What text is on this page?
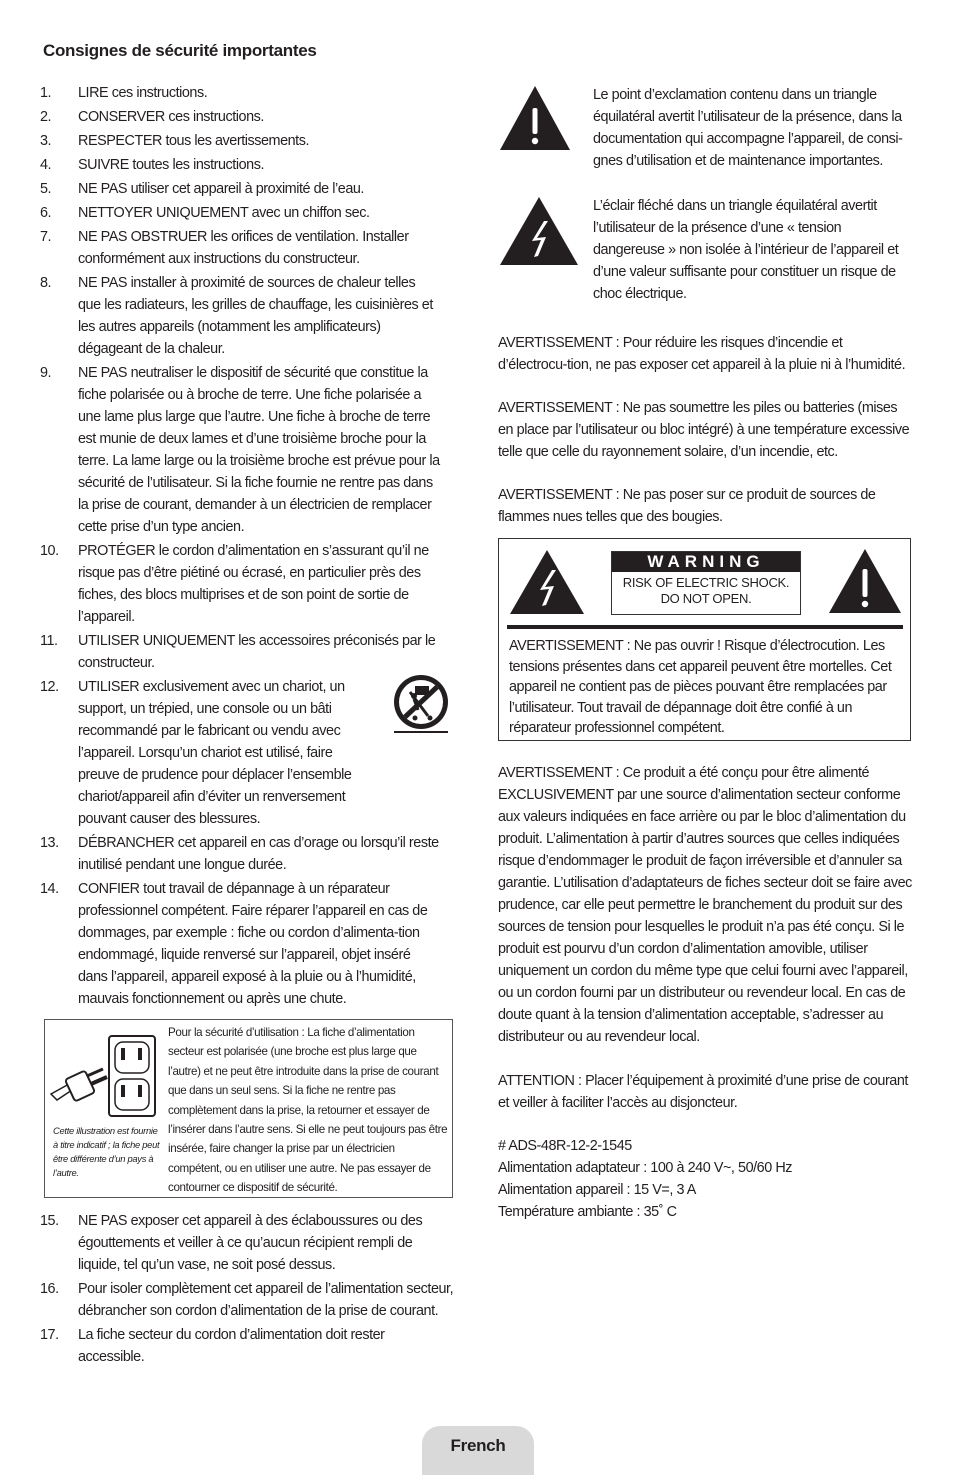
Consignes de sécurité importantes
1.	LIRE ces instructions.
2.	CONSERVER ces instructions.
3.	RESPECTER tous les avertissements.
4.	SUIVRE toutes les instructions.
5.	NE PAS utiliser cet appareil à proximité de l’eau.
6.	NETTOYER UNIQUEMENT avec un chiffon sec.
7.	NE PAS OBSTRUER les orifices de ventilation. Installer conformément aux instructions du constructeur.
8.	NE PAS installer à proximité de sources de chaleur telles que les radiateurs, les grilles de chauffage, les cuisinières et les autres appareils (notamment les amplificateurs) dégageant de la chaleur.
9.	NE PAS neutraliser le dispositif de sécurité que constitue la fiche polarisée ou à broche de terre. Une fiche polarisée a une lame plus large que l’autre. Une fiche à broche de terre est munie de deux lames et d’une troisième broche pour la terre. La lame large ou la troisième broche est prévue pour la sécurité de l’utilisateur. Si la fiche fournie ne rentre pas dans la prise de courant, demander à un électricien de remplacer cette prise d’un type ancien.
10.	PROTÉGER le cordon d’alimentation en s’assurant qu’il ne risque pas d’être piétiné ou écrasé, en particulier près des fiches, des blocs multiprises et de son point de sortie de l’appareil.
11.	UTILISER UNIQUEMENT les accessoires préconisés par le constructeur.
12.	UTILISER exclusivement avec un chariot, un support, un trépied, une console ou un bâti recommandé par le fabricant ou vendu avec l’appareil. Lorsqu’un chariot est utilisé, faire preuve de prudence pour déplacer l’ensemble chariot/appareil afin d’éviter un renversement pouvant causer des blessures.
13.	DÉBRANCHER cet appareil en cas d’orage ou lorsqu’il reste inutilisé pendant une longue durée.
14.	CONFIER tout travail de dépannage à un réparateur professionnel compétent. Faire réparer l’appareil en cas de dommages, par exemple : fiche ou cordon d’alimenta-tion endommagé, liquide renversé sur l’appareil, objet inséré dans l’appareil, appareil exposé à la pluie ou à l’humidité, mauvais fonctionnement ou après une chute.
Cette illustration est fournie à titre indicatif ; la fiche peut être différente d’un pays à l’autre.
Pour la sécurité d’utilisation : La fiche d’alimentation secteur est polarisée (une broche est plus large que l’autre) et ne peut être introduite dans la prise de courant que dans un seul sens. Si la fiche ne rentre pas complètement dans la prise, la retourner et essayer de l’insérer dans l’autre sens. Si elle ne peut toujours pas être insérée, faire changer la prise par un électricien compétent, ou en utiliser une autre. Ne pas essayer de contourner ce dispositif de sécurité.
15.	NE PAS exposer cet appareil à des éclaboussures ou des égouttements et veiller à ce qu’aucun récipient rempli de liquide, tel qu’un vase, ne soit posé dessus.
16.	Pour isoler complètement cet appareil de l’alimentation secteur, débrancher son cordon d’alimentation de la prise de courant.
17.	La fiche secteur du cordon d’alimentation doit rester accessible.
Le point d’exclamation contenu dans un triangle équilatéral avertit l’utilisateur de la présence, dans la documentation qui accompagne l’appareil, de consi-gnes d’utilisation et de maintenance importantes.
L’éclair fléché dans un triangle équilatéral avertit l’utilisateur de la présence d’une « tension dangereuse » non isolée à l’intérieur de l’appareil et d’une valeur suffisante pour constituer un risque de choc électrique.
AVERTISSEMENT : Pour réduire les risques d’incendie et d’électrocu-tion, ne pas exposer cet appareil à la pluie ni à l’humidité.
AVERTISSEMENT : Ne pas soumettre les piles ou batteries (mises en place par l’utilisateur ou bloc intégré) à une température excessive telle que celle du rayonnement solaire, d’un incendie, etc.
AVERTISSEMENT : Ne pas poser sur ce produit de sources de flammes nues telles que des bougies.
WARNING
RISK OF ELECTRIC SHOCK.
DO NOT OPEN.
AVERTISSEMENT : Ne pas ouvrir ! Risque d’électrocution. Les tensions présentes dans cet appareil peuvent être mortelles. Cet appareil ne contient pas de pièces pouvant être remplacées par l’utilisateur. Tout travail de dépannage doit être confié à un réparateur professionnel compétent.
AVERTISSEMENT : Ce produit a été conçu pour être alimenté EXCLUSIVEMENT par une source d’alimentation secteur conforme aux valeurs indiquées en face arrière ou par le bloc d’alimentation du produit. L’alimentation à partir d’autres sources que celles indiquées risque d’endommager le produit de façon irréversible et d’annuler sa garantie. L’utilisation d’adaptateurs de fiches secteur doit se faire avec prudence, car elle peut permettre le branchement du produit sur des sources de tension pour lesquelles le produit n’a pas été conçu. Si le produit est pourvu d’un cordon d’alimentation amovible, utiliser uniquement un cordon du même type que celui fourni avec l’appareil, ou un cordon fourni par un distributeur ou revendeur local. En cas de doute quant à la tension d’alimentation acceptable, s’adresser au distributeur ou au revendeur local.
ATTENTION : Placer l’équipement à proximité d’une prise de courant et veiller à faciliter l’accès au disjoncteur.
# ADS-48R-12-2-1545
Alimentation adaptateur : 100 à 240 V~, 50/60 Hz
Alimentation appareil : 15 V=, 3 A
Température ambiante : 35˚ C
French
